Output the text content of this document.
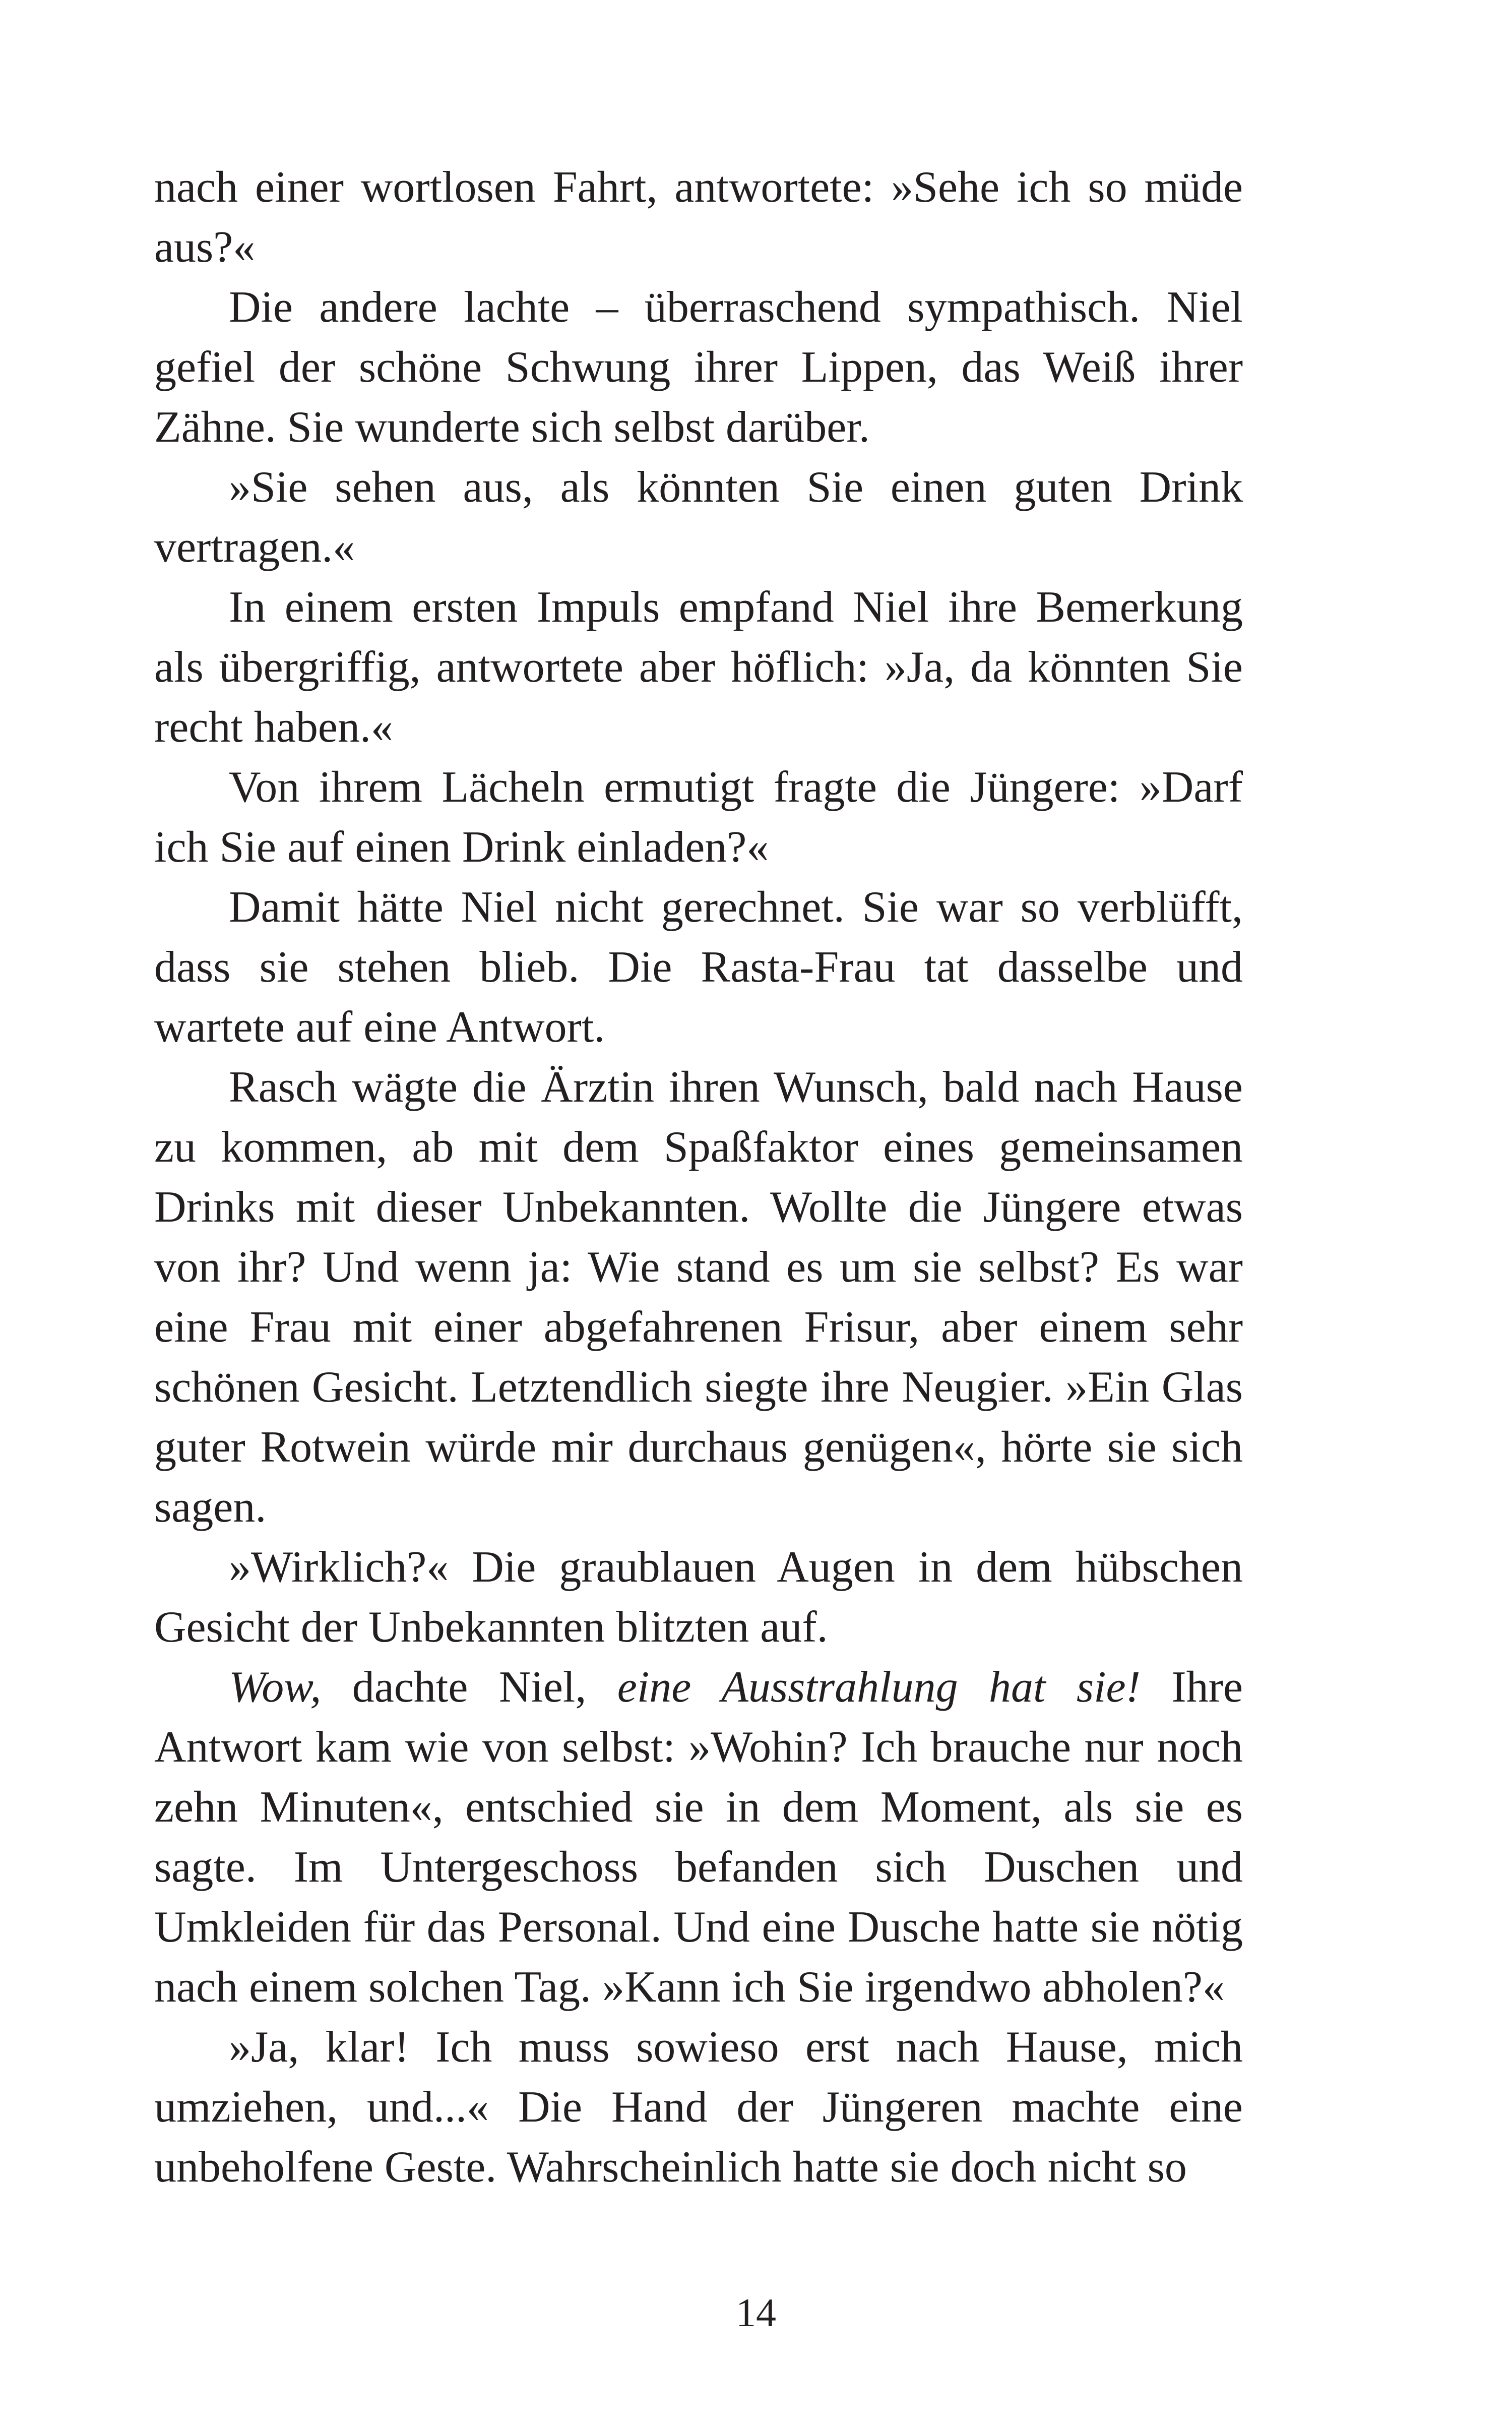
nach einer wortlosen Fahrt, antwortete: »Sehe ich so müde aus?«

Die andere lachte – überraschend sympathisch. Niel gefiel der schöne Schwung ihrer Lippen, das Weiß ihrer Zähne. Sie wunderte sich selbst darüber.

»Sie sehen aus, als könnten Sie einen guten Drink vertragen.«

In einem ersten Impuls empfand Niel ihre Bemerkung als übergriffig, antwortete aber höflich: »Ja, da könnten Sie recht haben.«

Von ihrem Lächeln ermutigt fragte die Jüngere: »Darf ich Sie auf einen Drink einladen?«

Damit hätte Niel nicht gerechnet. Sie war so verblüfft, dass sie stehen blieb. Die Rasta-Frau tat dasselbe und wartete auf eine Antwort.

Rasch wägte die Ärztin ihren Wunsch, bald nach Hause zu kommen, ab mit dem Spaßfaktor eines gemeinsamen Drinks mit dieser Unbekannten. Wollte die Jüngere etwas von ihr? Und wenn ja: Wie stand es um sie selbst? Es war eine Frau mit einer abgefahrenen Frisur, aber einem sehr schönen Gesicht. Letztendlich siegte ihre Neugier. »Ein Glas guter Rotwein würde mir durchaus genügen«, hörte sie sich sagen.

»Wirklich?« Die graublauen Augen in dem hübschen Gesicht der Unbekannten blitzten auf.

Wow, dachte Niel, eine Ausstrahlung hat sie! Ihre Antwort kam wie von selbst: »Wohin? Ich brauche nur noch zehn Minuten«, entschied sie in dem Moment, als sie es sagte. Im Untergeschoss befanden sich Duschen und Umkleiden für das Personal. Und eine Dusche hatte sie nötig nach einem solchen Tag. »Kann ich Sie irgendwo abholen?«

»Ja, klar! Ich muss sowieso erst nach Hause, mich umziehen, und...« Die Hand der Jüngeren machte eine unbeholfene Geste. Wahrscheinlich hatte sie doch nicht so

14
